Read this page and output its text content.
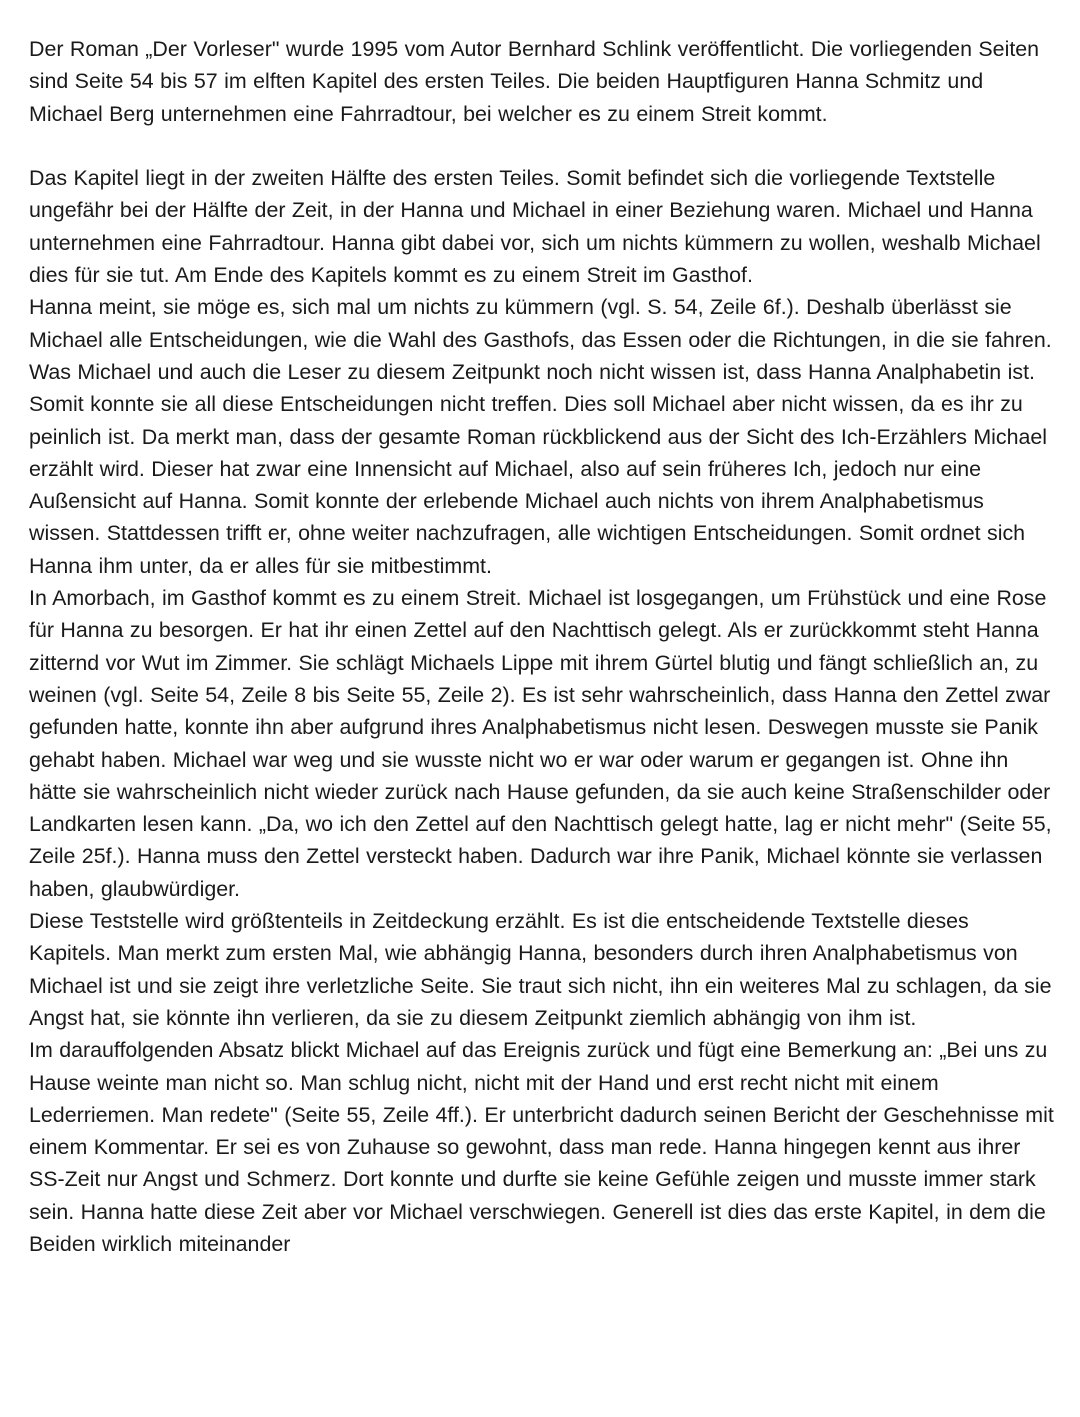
Der Roman „Der Vorleser" wurde 1995 vom Autor Bernhard Schlink veröffentlicht. Die vorliegenden Seiten sind Seite 54 bis 57 im elften Kapitel des ersten Teiles. Die beiden Hauptfiguren Hanna Schmitz und Michael Berg unternehmen eine Fahrradtour, bei welcher es zu einem Streit kommt.

Das Kapitel liegt in der zweiten Hälfte des ersten Teiles. Somit befindet sich die vorliegende Textstelle ungefähr bei der Hälfte der Zeit, in der Hanna und Michael in einer Beziehung waren. Michael und Hanna unternehmen eine Fahrradtour. Hanna gibt dabei vor, sich um nichts kümmern zu wollen, weshalb Michael dies für sie tut. Am Ende des Kapitels kommt es zu einem Streit im Gasthof.

Hanna meint, sie möge es, sich mal um nichts zu kümmern (vgl. S. 54, Zeile 6f.). Deshalb überlässt sie Michael alle Entscheidungen, wie die Wahl des Gasthofs, das Essen oder die Richtungen, in die sie fahren. Was Michael und auch die Leser zu diesem Zeitpunkt noch nicht wissen ist, dass Hanna Analphabetin ist. Somit konnte sie all diese Entscheidungen nicht treffen. Dies soll Michael aber nicht wissen, da es ihr zu peinlich ist. Da merkt man, dass der gesamte Roman rückblickend aus der Sicht des Ich-Erzählers Michael erzählt wird. Dieser hat zwar eine Innensicht auf Michael, also auf sein früheres Ich, jedoch nur eine Außensicht auf Hanna. Somit konnte der erlebende Michael auch nichts von ihrem Analphabetismus wissen. Stattdessen trifft er, ohne weiter nachzufragen, alle wichtigen Entscheidungen. Somit ordnet sich Hanna ihm unter, da er alles für sie mitbestimmt.

In Amorbach, im Gasthof kommt es zu einem Streit. Michael ist losgegangen, um Frühstück und eine Rose für Hanna zu besorgen. Er hat ihr einen Zettel auf den Nachttisch gelegt. Als er zurückkommt steht Hanna zitternd vor Wut im Zimmer. Sie schlägt Michaels Lippe mit ihrem Gürtel blutig und fängt schließlich an, zu weinen (vgl. Seite 54, Zeile 8 bis Seite 55, Zeile 2). Es ist sehr wahrscheinlich, dass Hanna den Zettel zwar gefunden hatte, konnte ihn aber aufgrund ihres Analphabetismus nicht lesen. Deswegen musste sie Panik gehabt haben. Michael war weg und sie wusste nicht wo er war oder warum er gegangen ist. Ohne ihn hätte sie wahrscheinlich nicht wieder zurück nach Hause gefunden, da sie auch keine Straßenschilder oder Landkarten lesen kann. „Da, wo ich den Zettel auf den Nachttisch gelegt hatte, lag er nicht mehr" (Seite 55, Zeile 25f.). Hanna muss den Zettel versteckt haben. Dadurch war ihre Panik, Michael könnte sie verlassen haben, glaubwürdiger.

Diese Teststelle wird größtenteils in Zeitdeckung erzählt. Es ist die entscheidende Textstelle dieses Kapitels. Man merkt zum ersten Mal, wie abhängig Hanna, besonders durch ihren Analphabetismus von Michael ist und sie zeigt ihre verletzliche Seite. Sie traut sich nicht, ihn ein weiteres Mal zu schlagen, da sie Angst hat, sie könnte ihn verlieren, da sie zu diesem Zeitpunkt ziemlich abhängig von ihm ist.

Im darauffolgenden Absatz blickt Michael auf das Ereignis zurück und fügt eine Bemerkung an: „Bei uns zu Hause weinte man nicht so. Man schlug nicht, nicht mit der Hand und erst recht nicht mit einem Lederriemen. Man redete" (Seite 55, Zeile 4ff.). Er unterbricht dadurch seinen Bericht der Geschehnisse mit einem Kommentar. Er sei es von Zuhause so gewohnt, dass man rede. Hanna hingegen kennt aus ihrer SS-Zeit nur Angst und Schmerz. Dort konnte und durfte sie keine Gefühle zeigen und musste immer stark sein. Hanna hatte diese Zeit aber vor Michael verschwiegen. Generell ist dies das erste Kapitel, in dem die Beiden wirklich miteinander
